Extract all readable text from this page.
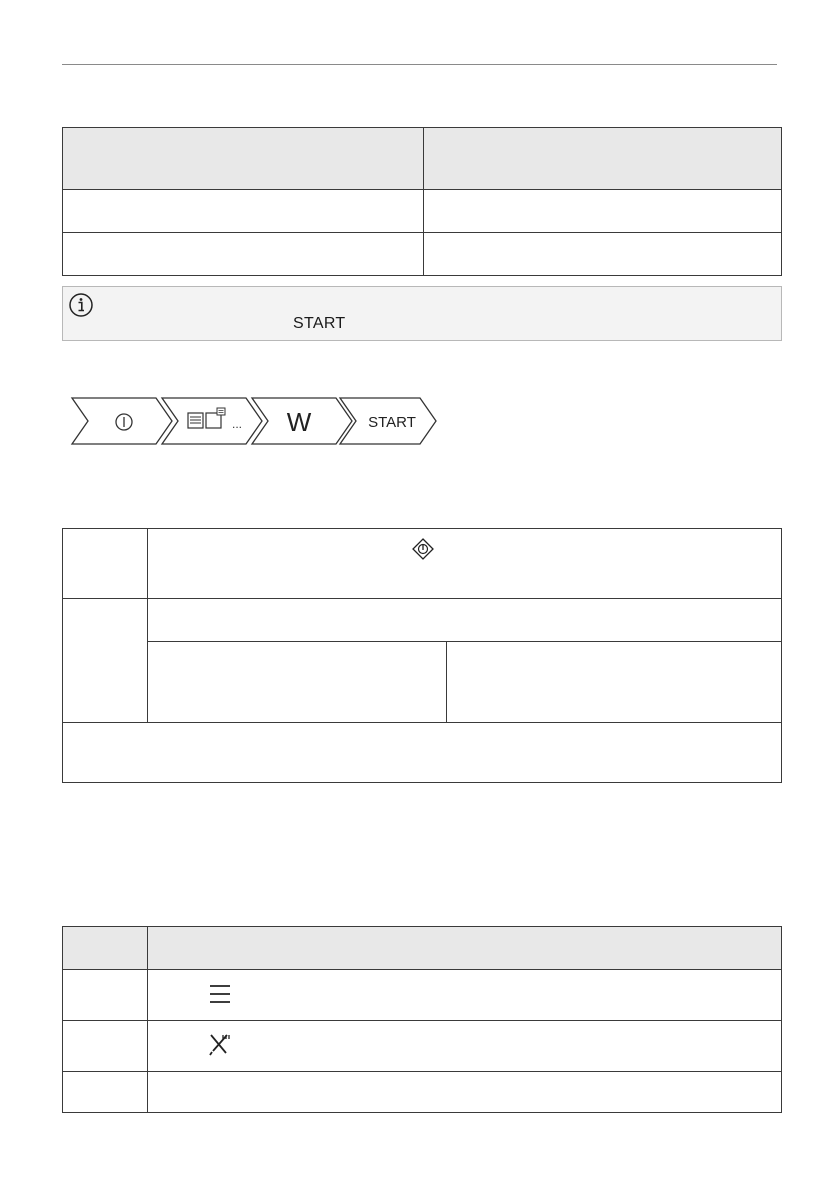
START
... W	START
